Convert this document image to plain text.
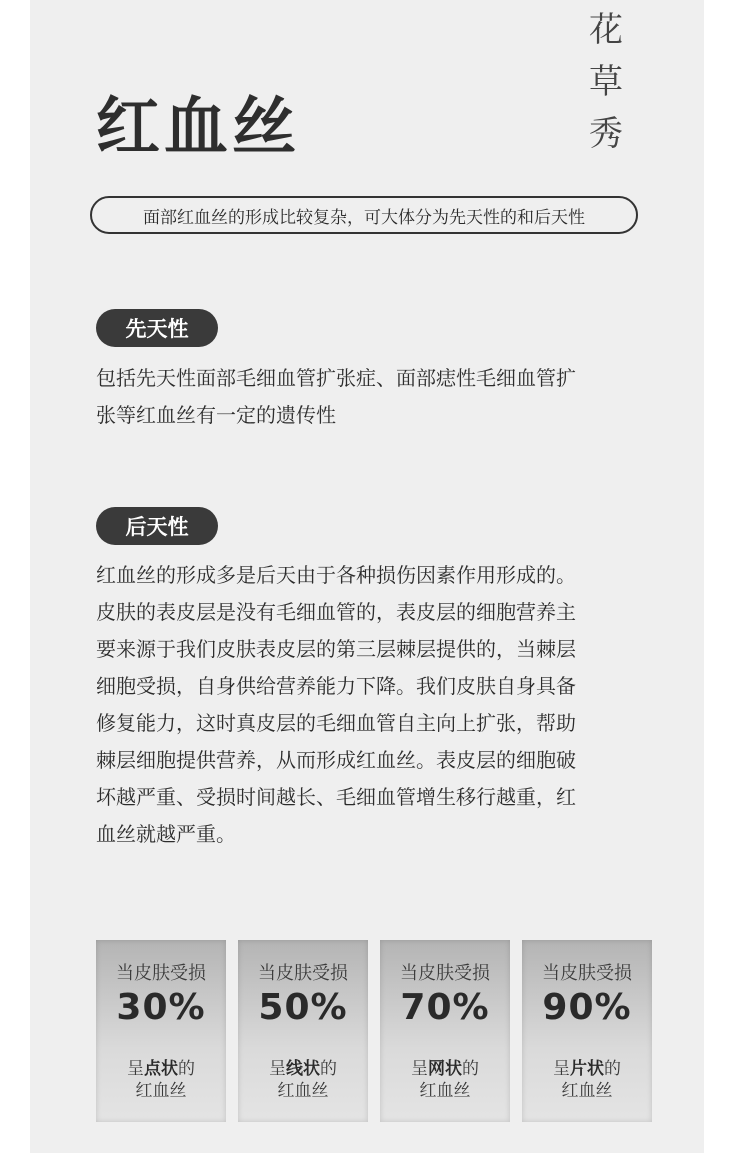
花
草
秀
红血丝
面部红血丝的形成比较复杂，可大体分为先天性的和后天性
先天性
包括先天性面部毛细血管扩张症、面部痣性毛细血管扩
张等红血丝有一定的遗传性
后天性
红血丝的形成多是后天由于各种损伤因素作用形成的。
皮肤的表皮层是没有毛细血管的，表皮层的细胞营养主
要来源于我们皮肤表皮层的第三层棘层提供的，当棘层
细胞受损，自身供给营养能力下降。我们皮肤自身具备
修复能力，这时真皮层的毛细血管自主向上扩张，帮助
棘层细胞提供营养，从而形成红血丝。表皮层的细胞破
坏越严重、受损时间越长、毛细血管增生移行越重，红
血丝就越严重。
当皮肤受损
30%
呈点状的
红血丝
当皮肤受损
50%
呈线状的
红血丝
当皮肤受损
70%
呈网状的
红血丝
当皮肤受损
90%
呈片状的
红血丝
